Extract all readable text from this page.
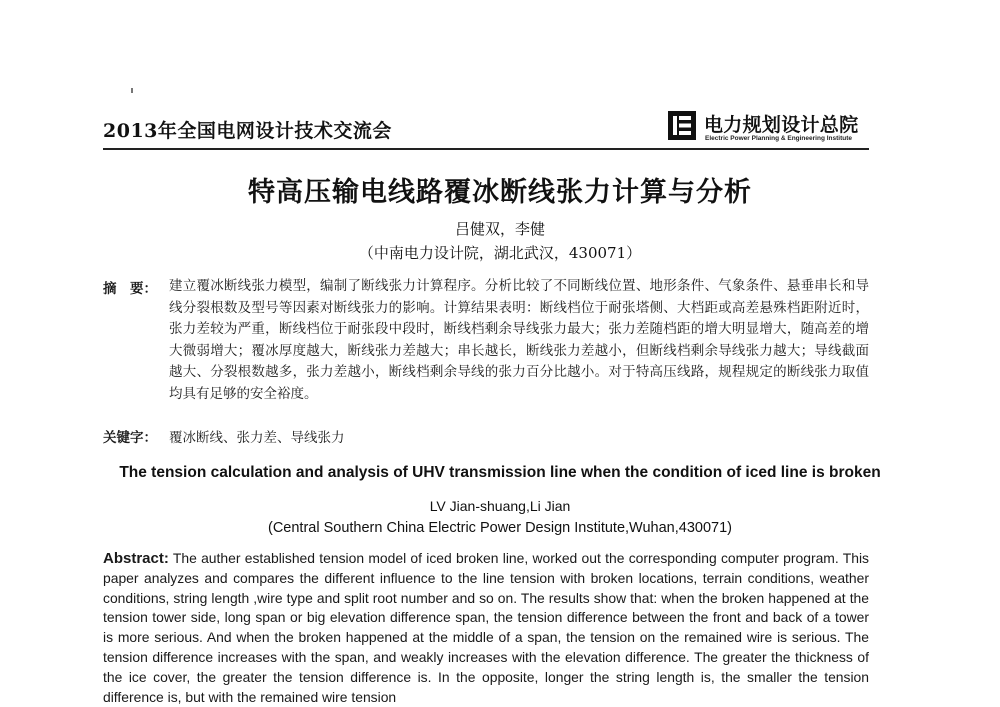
2013年全国电网设计技术交流会	电力规划设计总院
Electric Power Planning & Engineering Institute
特高压输电线路覆冰断线张力计算与分析
吕健双，李健
（中南电力设计院，湖北武汉，430071）
摘　要： 建立覆冰断线张力模型，编制了断线张力计算程序。分析比较了不同断线位置、地形条件、气象条件、悬垂串长和导线分裂根数及型号等因素对断线张力的影响。计算结果表明：断线档位于耐张塔侧、大档距或高差悬殊档距附近时，张力差较为严重，断线档位于耐张段中段时，断线档剩余导线张力最大；张力差随档距的增大明显增大，随高差的增大微弱增大；覆冰厚度越大，断线张力差越大；串长越长，断线张力差越小，但断线档剩余导线张力越大；导线截面越大、分裂根数越多，张力差越小，断线档剩余导线的张力百分比越小。对于特高压线路，规程规定的断线张力取值均具有足够的安全裕度。
关键字： 覆冰断线、张力差、导线张力
The tension calculation and analysis of UHV transmission line when the condition of iced line is broken
LV Jian-shuang,Li Jian
(Central Southern China Electric Power Design Institute,Wuhan,430071)

Abstract: The auther established tension model of iced broken line, worked out the corresponding computer program. This paper analyzes and compares the different influence to the line tension with broken locations, terrain conditions, weather conditions, string length ,wire type and split root number and so on. The results show that: when the broken happened at the tension tower side, long span or big elevation difference span, the tension difference between the front and back of a tower is more serious. And when the broken happened at the middle of a span, the tension on the remained wire is serious. The tension difference increases with the span, and weakly increases with the elevation difference. The greater the thickness of the ice cover, the greater the tension difference is. In the opposite, longer the string length is, the smaller the tension difference is, but with the remained wire tension
